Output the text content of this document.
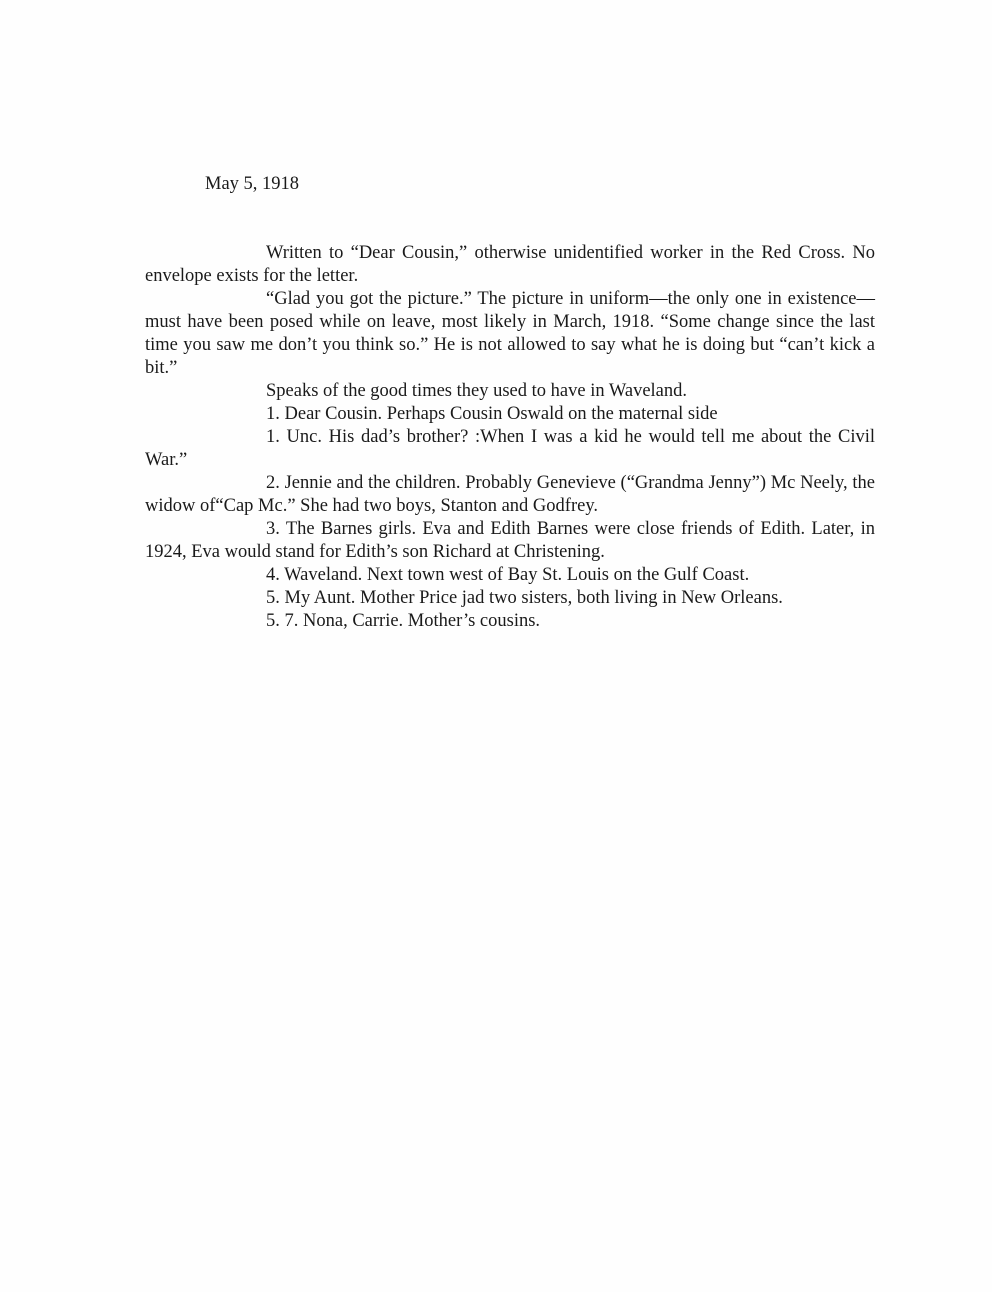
May 5, 1918

Written to “Dear Cousin,” otherwise unidentified worker in the Red Cross. No envelope exists for the letter.

“Glad you got the picture.” The picture in uniform—the only one in existence— must have been posed while on leave, most likely in March, 1918. “Some change since the last time you saw me don’t you think so.” He is not allowed to say what he is doing but “can’t kick a bit.”

Speaks of the good times they used to have in Waveland.

1. Dear Cousin. Perhaps Cousin Oswald on the maternal side

1. Unc. His dad’s brother? :When I was a kid he would tell me about the Civil War.”

2. Jennie and the children. Probably Genevieve (“Grandma Jenny”) Mc Neely, the widow of“Cap Mc.” She had two boys, Stanton and Godfrey.

3. The Barnes girls. Eva and Edith Barnes were close friends of Edith. Later, in 1924, Eva would stand for Edith’s son Richard at Christening.

4. Waveland. Next town west of Bay St. Louis on the Gulf Coast.

5. My Aunt. Mother Price jad two sisters, both living in New Orleans.

5. 7. Nona, Carrie. Mother’s cousins.
